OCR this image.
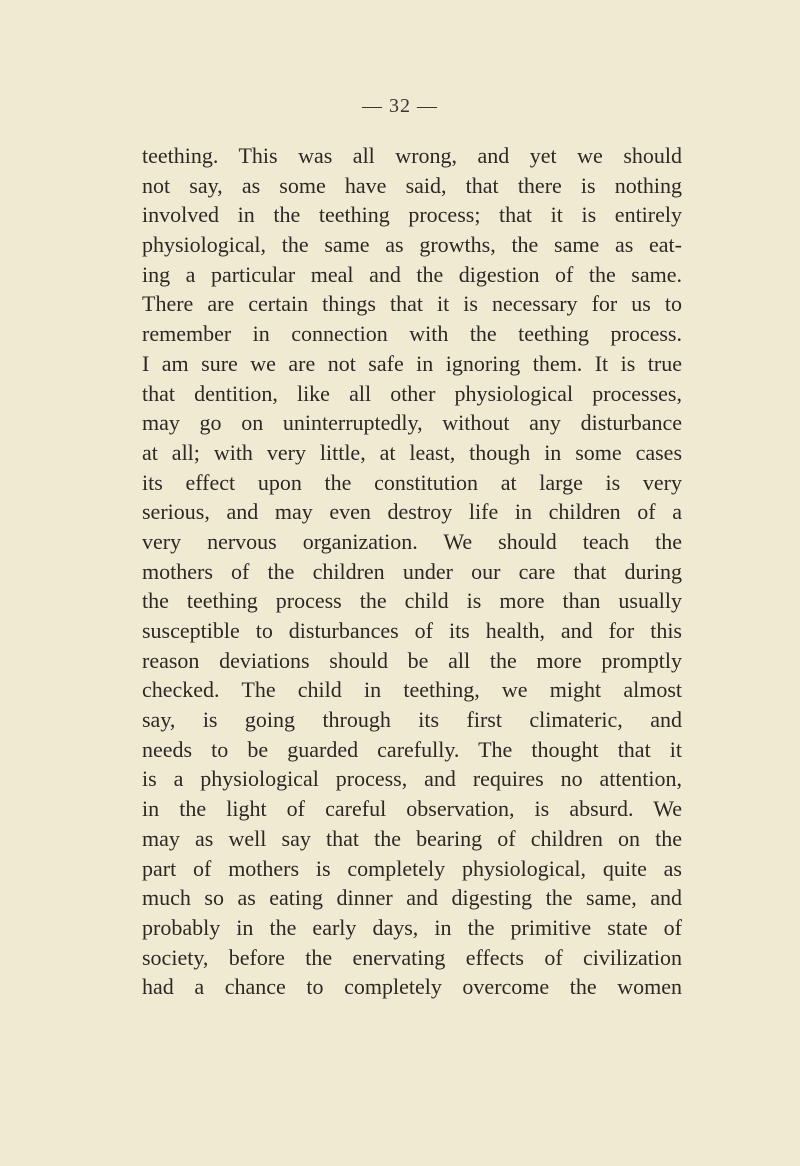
— 32 —
teething. This was all wrong, and yet we should
not say, as some have said, that there is nothing
involved in the teething process; that it is entirely
physiological, the same as growths, the same as eat-
ing a particular meal and the digestion of the same.
There are certain things that it is necessary for us to
remember in connection with the teething process.
I am sure we are not safe in ignoring them. It is true
that dentition, like all other physiological processes,
may go on uninterruptedly, without any disturbance
at all; with very little, at least, though in some cases
its effect upon the constitution at large is very
serious, and may even destroy life in children of a
very nervous organization. We should teach the
mothers of the children under our care that during
the teething process the child is more than usually
susceptible to disturbances of its health, and for this
reason deviations should be all the more promptly
checked. The child in teething, we might almost
say, is going through its first climateric, and
needs to be guarded carefully. The thought that it
is a physiological process, and requires no attention,
in the light of careful observation, is absurd. We
may as well say that the bearing of children on the
part of mothers is completely physiological, quite as
much so as eating dinner and digesting the same, and
probably in the early days, in the primitive state of
society, before the enervating effects of civilization
had a chance to completely overcome the women
